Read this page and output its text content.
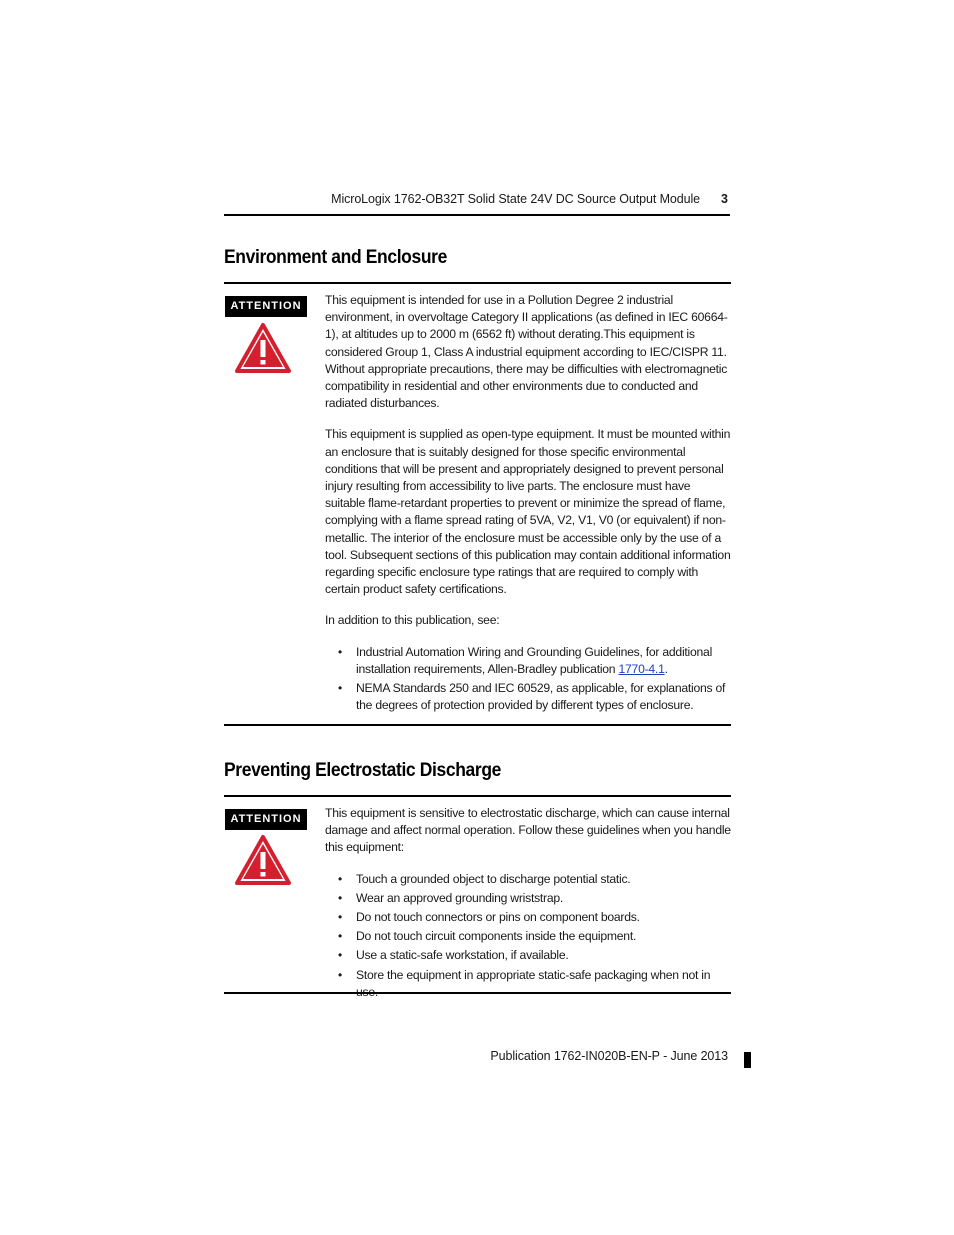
MicroLogix 1762-OB32T Solid State 24V DC Source Output Module	3
Environment and Enclosure
ATTENTION	This equipment is intended for use in a Pollution Degree 2 industrial environment, in overvoltage Category II applications (as defined in IEC 60664-1), at altitudes up to 2000 m (6562 ft) without derating.This equipment is considered Group 1, Class A industrial equipment according to IEC/CISPR 11. Without appropriate precautions, there may be difficulties with electromagnetic compatibility in residential and other environments due to conducted and radiated disturbances.

This equipment is supplied as open-type equipment. It must be mounted within an enclosure that is suitably designed for those specific environmental conditions that will be present and appropriately designed to prevent personal injury resulting from accessibility to live parts. The enclosure must have suitable flame-retardant properties to prevent or minimize the spread of flame, complying with a flame spread rating of 5VA, V2, V1, V0 (or equivalent) if non-metallic. The interior of the enclosure must be accessible only by the use of a tool. Subsequent sections of this publication may contain additional information regarding specific enclosure type ratings that are required to comply with certain product safety certifications.

In addition to this publication, see:

• Industrial Automation Wiring and Grounding Guidelines, for additional installation requirements, Allen-Bradley publication 1770-4.1.
• NEMA Standards 250 and IEC 60529, as applicable, for explanations of the degrees of protection provided by different types of enclosure.
Preventing Electrostatic Discharge
ATTENTION	This equipment is sensitive to electrostatic discharge, which can cause internal damage and affect normal operation. Follow these guidelines when you handle this equipment:

• Touch a grounded object to discharge potential static.
• Wear an approved grounding wriststrap.
• Do not touch connectors or pins on component boards.
• Do not touch circuit components inside the equipment.
• Use a static-safe workstation, if available.
• Store the equipment in appropriate static-safe packaging when not in
Publication 1762-IN020B-EN-P - June 2013
